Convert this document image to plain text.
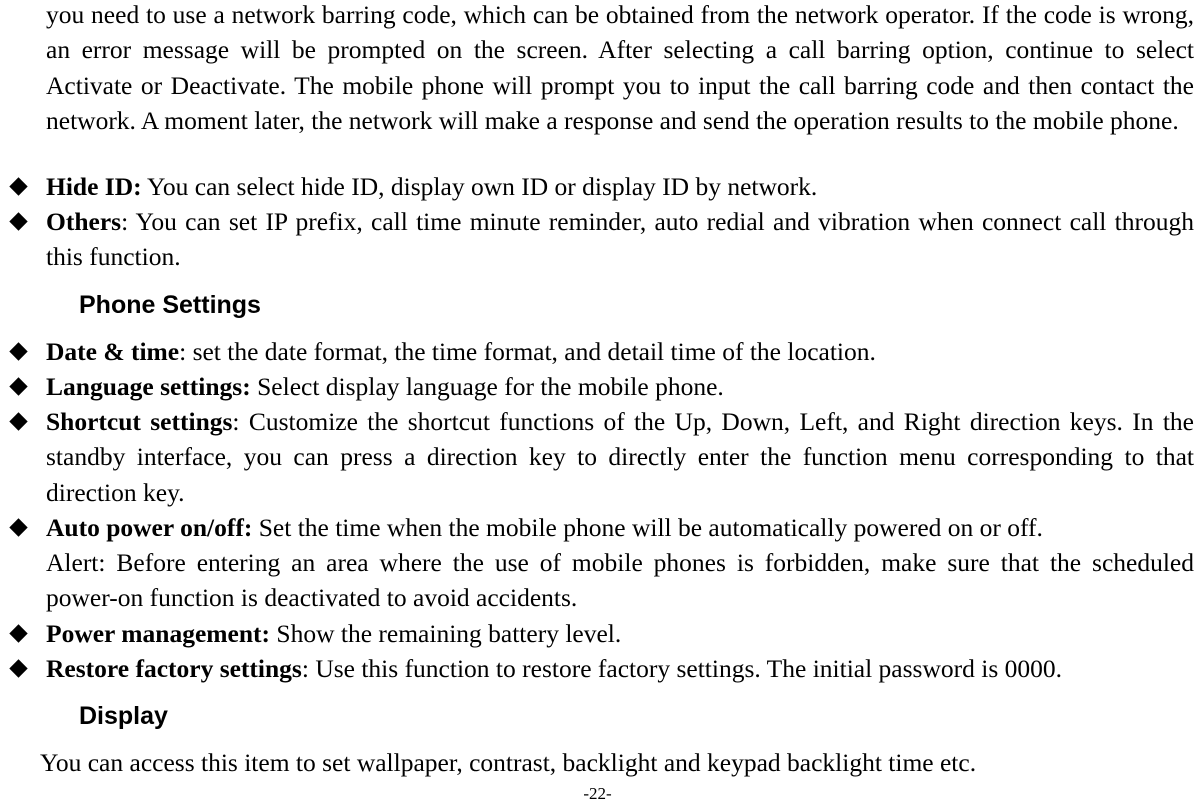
you need to use a network barring code, which can be obtained from the network operator. If the code is wrong, an error message will be prompted on the screen. After selecting a call barring option, continue to select Activate or Deactivate. The mobile phone will prompt you to input the call barring code and then contact the network. A moment later, the network will make a response and send the operation results to the mobile phone.
Hide ID: You can select hide ID, display own ID or display ID by network.
Others: You can set IP prefix, call time minute reminder, auto redial and vibration when connect call through this function.
Phone Settings
Date & time: set the date format, the time format, and detail time of the location.
Language settings: Select display language for the mobile phone.
Shortcut settings: Customize the shortcut functions of the Up, Down, Left, and Right direction keys. In the standby interface, you can press a direction key to directly enter the function menu corresponding to that direction key.
Auto power on/off: Set the time when the mobile phone will be automatically powered on or off.
Alert: Before entering an area where the use of mobile phones is forbidden, make sure that the scheduled power-on function is deactivated to avoid accidents.
Power management: Show the remaining battery level.
Restore factory settings: Use this function to restore factory settings. The initial password is 0000.
Display
You can access this item to set wallpaper, contrast, backlight and keypad backlight time etc.
-22-
